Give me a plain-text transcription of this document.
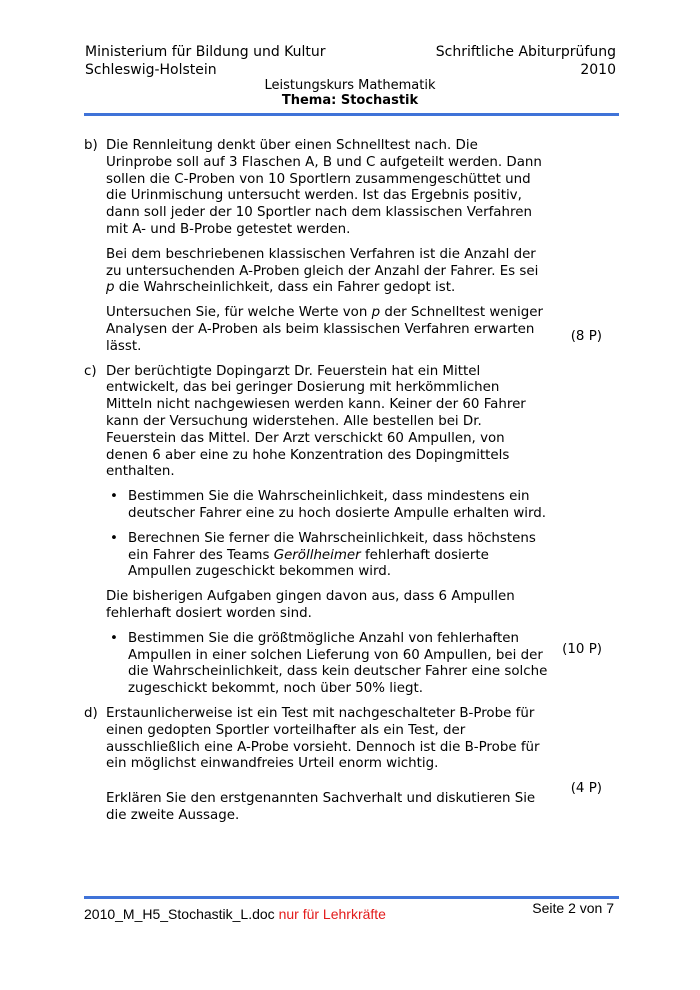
Ministerium für Bildung und Kultur
Schleswig-Holstein
Schriftliche Abiturprüfung
2010
Leistungskurs Mathematik
Thema: Stochastik
b) Die Rennleitung denkt über einen Schnelltest nach. Die Urinprobe soll auf 3 Flaschen A, B und C aufgeteilt werden. Dann sollen die C-Proben von 10 Sportlern zusammengeschüttet und die Urinmischung untersucht werden. Ist das Ergebnis positiv, dann soll jeder der 10 Sportler nach dem klassischen Verfahren mit A- und B-Probe getestet werden.

Bei dem beschriebenen klassischen Verfahren ist die Anzahl der zu untersuchenden A-Proben gleich der Anzahl der Fahrer. Es sei p die Wahrscheinlichkeit, dass ein Fahrer gedopt ist.

Untersuchen Sie, für welche Werte von p der Schnelltest weniger Analysen der A-Proben als beim klassischen Verfahren erwarten lässt.

(8 P)
c) Der berüchtigte Dopingarzt Dr. Feuerstein hat ein Mittel entwickelt, das bei geringer Dosierung mit herkömmlichen Mitteln nicht nachgewiesen werden kann. Keiner der 60 Fahrer kann der Versuchung widerstehen. Alle bestellen bei Dr. Feuerstein das Mittel. Der Arzt verschickt 60 Ampullen, von denen 6 aber eine zu hohe Konzentration des Dopingmittels enthalten.

• Bestimmen Sie die Wahrscheinlichkeit, dass mindestens ein deutscher Fahrer eine zu hoch dosierte Ampulle erhalten wird.
• Berechnen Sie ferner die Wahrscheinlichkeit, dass höchstens ein Fahrer des Teams Geröllheimer fehlerhaft dosierte Ampullen zugeschickt bekommen wird.

Die bisherigen Aufgaben gingen davon aus, dass 6 Ampullen fehlerhaft dosiert worden sind.

• Bestimmen Sie die größtmögliche Anzahl von fehlerhaften Ampullen in einer solchen Lieferung von 60 Ampullen, bei der die Wahrscheinlichkeit, dass kein deutscher Fahrer eine solche zugeschickt bekommt, noch über 50% liegt.
(10 P)
d) Erstaunlicherweise ist ein Test mit nachgeschalteter B-Probe für einen gedopten Sportler vorteilhafter als ein Test, der ausschließlich eine A-Probe vorsieht. Dennoch ist die B-Probe für ein möglichst einwandfreies Urteil enorm wichtig.

Erklären Sie den erstgenannten Sachverhalt und diskutieren Sie die zweite Aussage.

(4 P)
2010_M_H5_Stochastik_L.doc nur für Lehrkräfte	Seite 2 von 7
